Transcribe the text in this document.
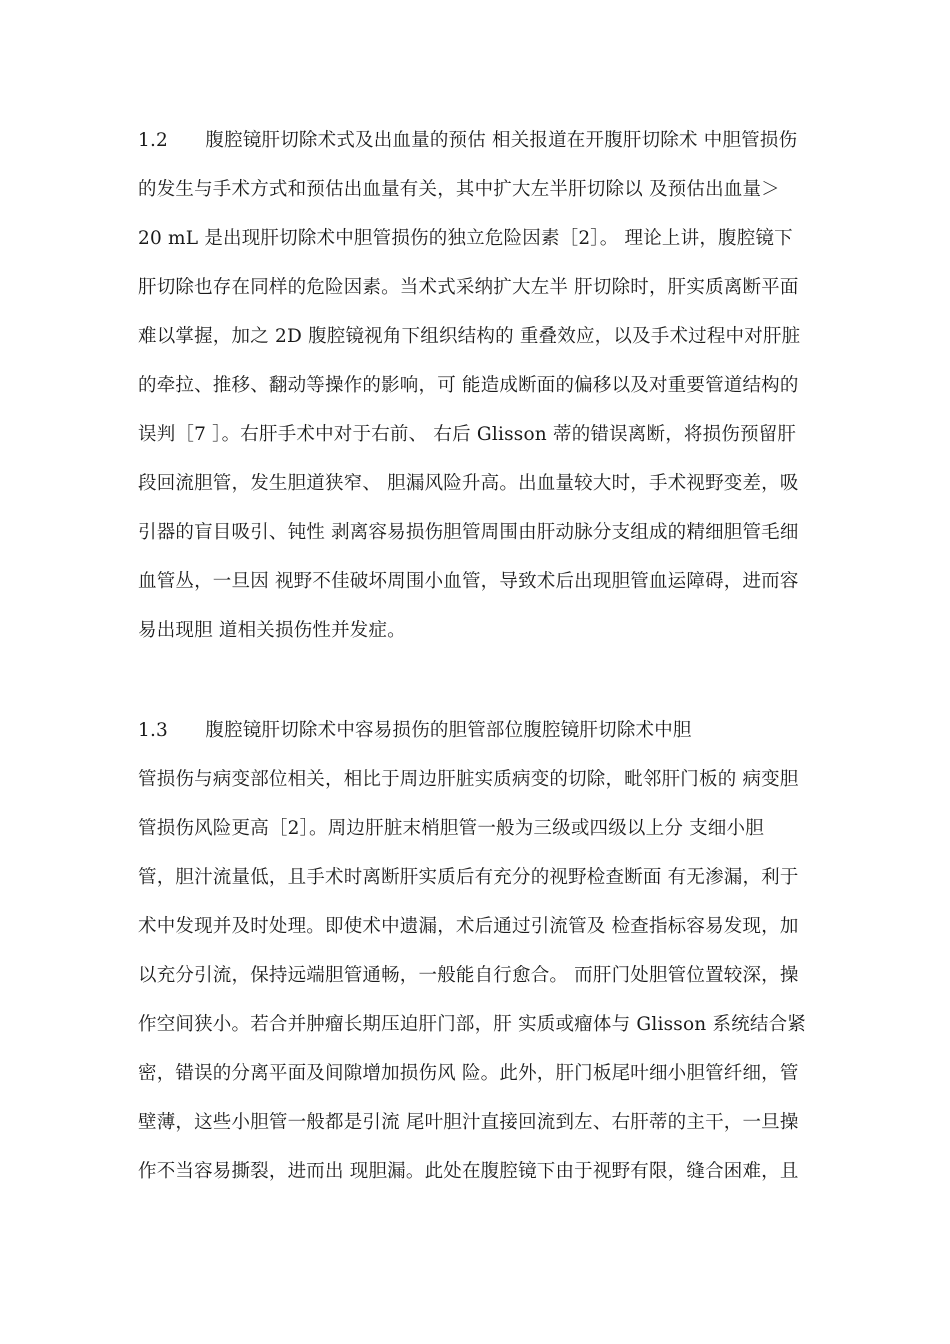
1.2　　腹腔镜肝切除术式及出血量的预估 相关报道在开腹肝切除术 中胆管损伤
的发生与手术方式和预估出血量有关，其中扩大左半肝切除以 及预估出血量＞
20 mL 是出现肝切除术中胆管损伤的独立危险因素［2］。 理论上讲，腹腔镜下
肝切除也存在同样的危险因素。当术式采纳扩大左半 肝切除时，肝实质离断平面
难以掌握，加之 2D 腹腔镜视角下组织结构的 重叠效应，以及手术过程中对肝脏
的牵拉、推移、翻动等操作的影响，可 能造成断面的偏移以及对重要管道结构的
误判［7 ］。右肝手术中对于右前、 右后 Glisson 蒂的错误离断，将损伤预留肝
段回流胆管，发生胆道狭窄、 胆漏风险升高。出血量较大时，手术视野变差，吸
引器的盲目吸引、钝性 剥离容易损伤胆管周围由肝动脉分支组成的精细胆管毛细
血管丛，一旦因 视野不佳破坏周围小血管，导致术后出现胆管血运障碍，进而容
易出现胆 道相关损伤性并发症。
1.3　　腹腔镜肝切除术中容易损伤的胆管部位腹腔镜肝切除术中胆
管损伤与病变部位相关，相比于周边肝脏实质病变的切除，毗邻肝门板的 病变胆
管损伤风险更高［2］。周边肝脏末梢胆管一般为三级或四级以上分 支细小胆
管，胆汁流量低，且手术时离断肝实质后有充分的视野检查断面 有无渗漏，利于
术中发现并及时处理。即使术中遗漏，术后通过引流管及 检查指标容易发现，加
以充分引流，保持远端胆管通畅，一般能自行愈合。 而肝门处胆管位置较深，操
作空间狭小。若合并肿瘤长期压迫肝门部，肝 实质或瘤体与 Glisson 系统结合紧
密，错误的分离平面及间隙增加损伤风 险。此外，肝门板尾叶细小胆管纤细，管
壁薄，这些小胆管一般都是引流 尾叶胆汁直接回流到左、右肝蒂的主干，一旦操
作不当容易撕裂，进而出 现胆漏。此处在腹腔镜下由于视野有限，缝合困难，且
